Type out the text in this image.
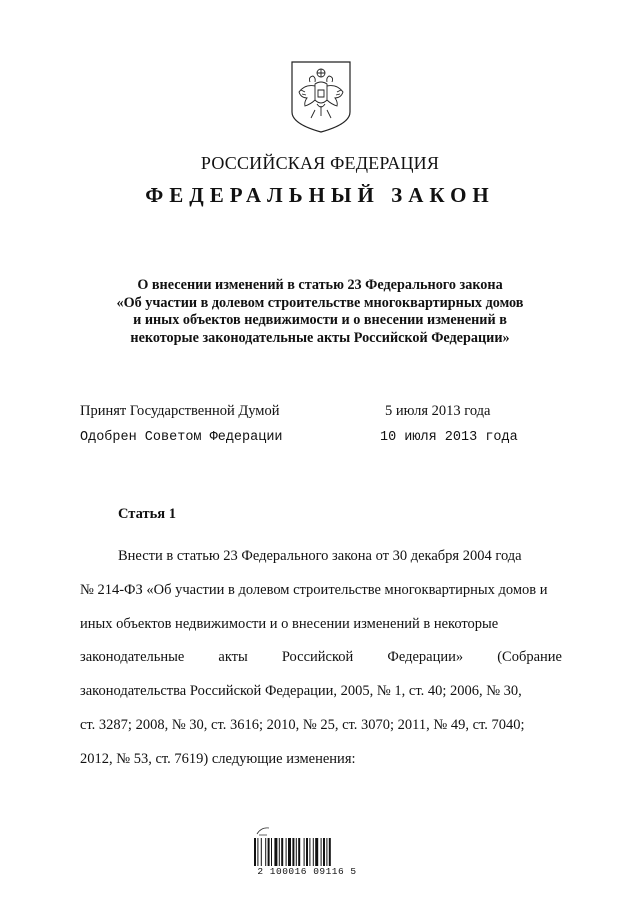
РОССИЙСКАЯ ФЕДЕРАЦИЯ
ФЕДЕРАЛЬНЫЙ ЗАКОН
О внесении изменений в статью 23 Федерального закона
«Об участии в долевом строительстве многоквартирных домов
и иных объектов недвижимости и о внесении изменений в
некоторые законодательные акты Российской Федерации»
Принят Государственной Думой	5 июля 2013 года
Одобрен Советом Федерации	10 июля 2013 года
Статья 1
Внести в статью 23 Федерального закона от 30 декабря 2004 года
№ 214-ФЗ «Об участии в долевом строительстве многоквартирных домов и
иных объектов недвижимости и о внесении изменений в некоторые
законодательные акты Российской Федерации» (Собрание
законодательства Российской Федерации, 2005, № 1, ст. 40; 2006, № 30,
ст. 3287; 2008, № 30, ст. 3616; 2010, № 25, ст. 3070; 2011, № 49, ст. 7040;
2012, № 53, ст. 7619) следующие изменения:
2 100016 09116 5
